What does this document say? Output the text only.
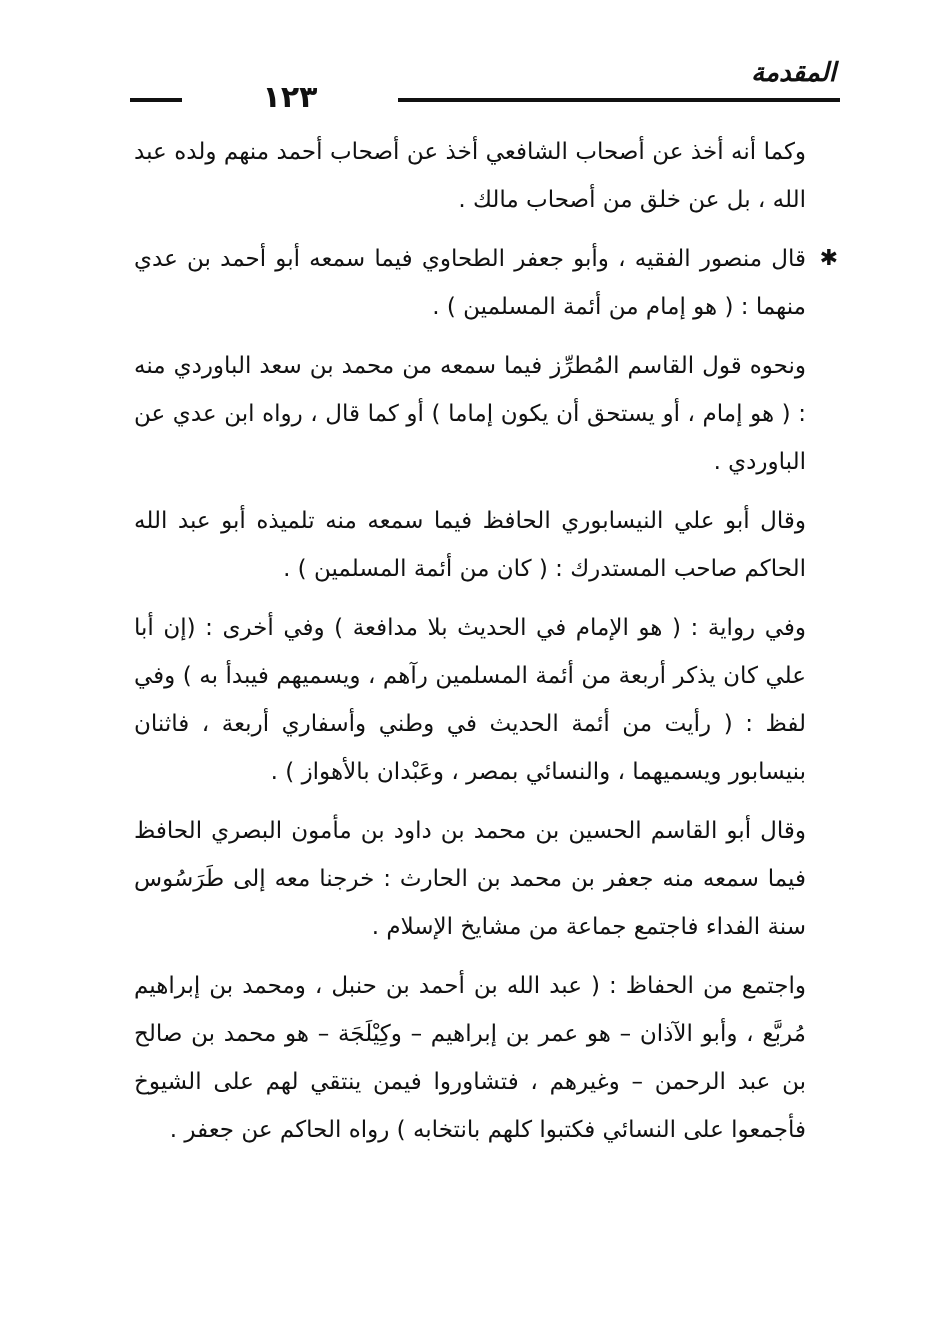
المقدمة
١٢٣

وكما أنه أخذ عن أصحاب الشافعي أخذ عن أصحاب أحمد منهم ولده عبد الله ، بل عن خلق من أصحاب مالك .

✱
قال منصور الفقيه ، وأبو جعفر الطحاوي فيما سمعه أبو أحمد بن عدي منهما : ( هو إمام من أئمة المسلمين ) .

ونحوه قول القاسم المُطرِّز فيما سمعه من محمد بن سعد الباوردي منه : ( هو إمام ، أو يستحق أن يكون إماما ) أو كما قال ، رواه ابن عدي عن الباوردي .

وقال أبو علي النيسابوري الحافظ فيما سمعه منه تلميذه أبو عبد الله الحاكم صاحب المستدرك : ( كان من أئمة المسلمين ) .

وفي رواية : ( هو الإمام في الحديث بلا مدافعة ) وفي أخرى : (إن أبا علي كان يذكر أربعة من أئمة المسلمين رآهم ، ويسميهم فيبدأ به ) وفي لفظ : ( رأيت من أئمة الحديث في وطني وأسفاري أربعة ، فاثنان بنيسابور ويسميهما ، والنسائي بمصر ، وعَبْدان بالأهواز ) .

وقال أبو القاسم الحسين بن محمد بن داود بن مأمون البصري الحافظ فيما سمعه منه جعفر بن محمد بن الحارث : خرجنا معه إلى طَرَسُوس سنة الفداء فاجتمع جماعة من مشايخ الإسلام .

واجتمع من الحفاظ : ( عبد الله بن أحمد بن حنبل ، ومحمد بن إبراهيم مُربَّع ، وأبو الآذان – هو عمر بن إبراهيم – وكِيْلَجَة – هو محمد بن صالح بن عبد الرحمن – وغيرهم ، فتشاوروا فيمن ينتقي لهم على الشيوخ فأجمعوا على النسائي فكتبوا كلهم بانتخابه ) رواه الحاكم عن جعفر .
